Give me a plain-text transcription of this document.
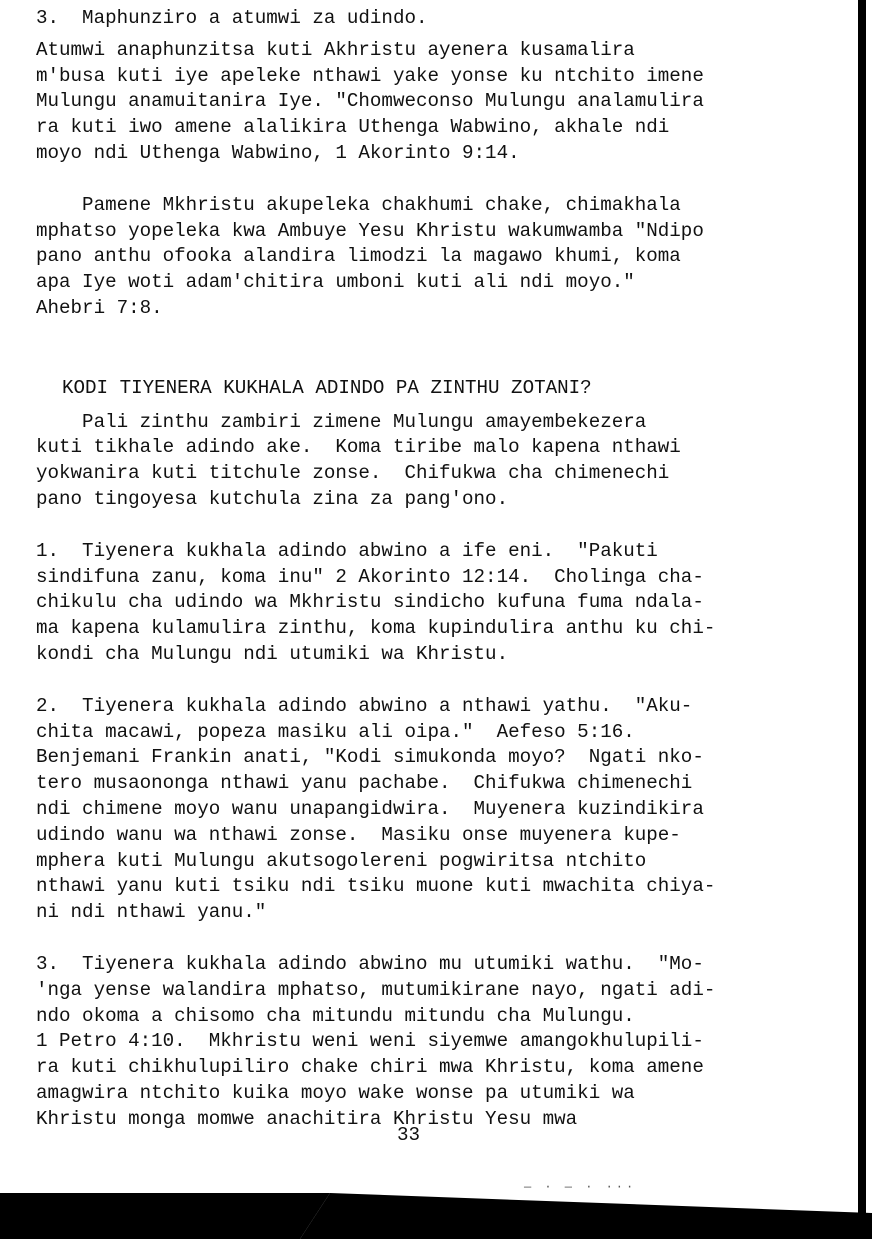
3.  Maphunziro a atumwi za udindo.
Atumwi anaphunzitsa kuti Akhristu ayenera kusamalira
m'busa kuti iye apeleke nthawi yake yonse ku ntchito imene
Mulungu anamuitanira Iye. "Chomweconso Mulungu analamulira
ra kuti iwo amene alalikira Uthenga Wabwino, akhale ndi
moyo ndi Uthenga Wabwino, 1 Akorinto 9:14.
Pamene Mkhristu akupeleka chakhumi chake, chimakhala
mphatso yopeleka kwa Ambuye Yesu Khristu wakumwamba "Ndipo
pano anthu ofooka alandira limodzi la magawo khumi, koma
apa Iye woti adam'chitira umboni kuti ali ndi moyo."
Ahebri 7:8.
KODI TIYENERA KUKHALA ADINDO PA ZINTHU ZOTANI?
Pali zinthu zambiri zimene Mulungu amayembekezera
kuti tikhale adindo ake.  Koma tiribe malo kapena nthawi
yokwanira kuti titchule zonse.  Chifukwa cha chimenechi
pano tingoyesa kutchula zina za pang'ono.
1.  Tiyenera kukhala adindo abwino a ife eni.  "Pakuti
sindifuna zanu, koma inu" 2 Akorinto 12:14.  Cholinga cha-
chikulu cha udindo wa Mkhristu sindicho kufuna fuma ndala-
ma kapena kulamulira zinthu, koma kupindulira anthu ku chi-
kondi cha Mulungu ndi utumiki wa Khristu.
2.  Tiyenera kukhala adindo abwino a nthawi yathu.  "Aku-
chita macawi, popeza masiku ali oipa."  Aefeso 5:16.
Benjemani Frankin anati, "Kodi simukonda moyo?  Ngati nko-
tero musaononga nthawi yanu pachabe.  Chifukwa chimenechi
ndi chimene moyo wanu unapangidwira.  Muyenera kuzindikira
udindo wanu wa nthawi zonse.  Masiku onse muyenera kupe-
mphera kuti Mulungu akutsogolereni pogwiritsa ntchito
nthawi yanu kuti tsiku ndi tsiku muone kuti mwachita chiya-
ni ndi nthawi yanu."
3.  Tiyenera kukhala adindo abwino mu utumiki wathu.  "Mo-
'nga yense walandira mphatso, mutumikirane nayo, ngati adi-
ndo okoma a chisomo cha mitundu mitundu cha Mulungu.
1 Petro 4:10.  Mkhristu weni weni siyemwe amangokhulupili-
ra kuti chikhulupiliro chake chiri mwa Khristu, koma amene
amagwira ntchito kuika moyo wake wonse pa utumiki wa
Khristu monga momwe anachitira Khristu Yesu mwa
33
— · — · ···
